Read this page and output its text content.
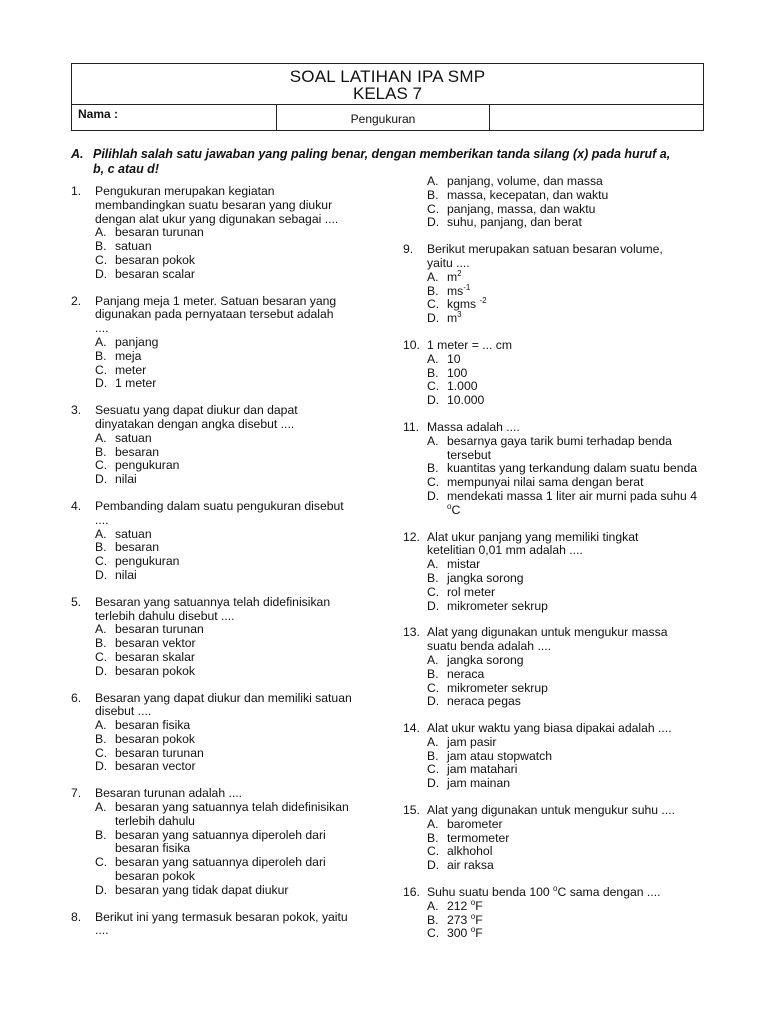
SOAL LATIHAN IPA SMP
KELAS 7
Nama :	Pengukuran
A. Pilihlah salah satu jawaban yang paling benar, dengan memberikan tanda silang (x) pada huruf a,
b, c atau d!
1.	Pengukuran merupakan kegiatan
membandingkan suatu besaran yang diukur
dengan alat ukur yang digunakan sebagai ....
A. besaran turunan
B. satuan
C. besaran pokok
D. besaran scalar
2.	Panjang meja 1 meter. Satuan besaran yang
digunakan pada pernyataan tersebut adalah
....
A. panjang
B. meja
C. meter
D. 1 meter
3.	Sesuatu yang dapat diukur dan dapat
dinyatakan dengan angka disebut ....
A. satuan
B. besaran
C. pengukuran
D. nilai
4.	Pembanding dalam suatu pengukuran disebut
....
A. satuan
B. besaran
C. pengukuran
D. nilai
5.	Besaran yang satuannya telah didefinisikan
terlebih dahulu disebut ....
A. besaran turunan
B. besaran vektor
C. besaran skalar
D. besaran pokok
6.	Besaran yang dapat diukur dan memiliki satuan
disebut ....
A. besaran fisika
B. besaran pokok
C. besaran turunan
D. besaran vector
7.	Besaran turunan adalah ....
A. besaran yang satuannya telah didefinisikan terlebih dahulu
B. besaran yang satuannya diperoleh dari besaran fisika
C. besaran yang satuannya diperoleh dari besaran pokok
D. besaran yang tidak dapat diukur
8.	Berikut ini yang termasuk besaran pokok, yaitu
....
A. panjang, volume, dan massa
B. massa, kecepatan, dan waktu
C. panjang, massa, dan waktu
D. suhu, panjang, dan berat
9.	Berikut merupakan satuan besaran volume,
yaitu ....
A. $m^2$
B. $ms^{-1}$
C. kgms $^{-2}$
D. $m^3$
10. 1 meter = ... cm
A. 10
B. 100
C. 1.000
D. 10.000
11. Massa adalah ....
A. besarnya gaya tarik bumi terhadap benda tersebut
B. kuantitas yang terkandung dalam suatu benda
C. mempunyai nilai sama dengan berat
D. mendekati massa 1 liter air murni pada suhu 4 $^o$C
12. Alat ukur panjang yang memiliki tingkat
ketelitian 0,01 mm adalah ....
A. mistar
B. jangka sorong
C. rol meter
D. mikrometer sekrup
13. Alat yang digunakan untuk mengukur massa
suatu benda adalah ....
A. jangka sorong
B. neraca
C. mikrometer sekrup
D. neraca pegas
14. Alat ukur waktu yang biasa dipakai adalah ....
A. jam pasir
B. jam atau stopwatch
C. jam matahari
D. jam mainan
15. Alat yang digunakan untuk mengukur suhu ....
A. barometer
B. termometer
C. alkhohol
D. air raksa
16. Suhu suatu benda 100 $^o$C sama dengan ....
A. 212 $^o$F
B. 273 $^o$F
C. 300 $^o$F
